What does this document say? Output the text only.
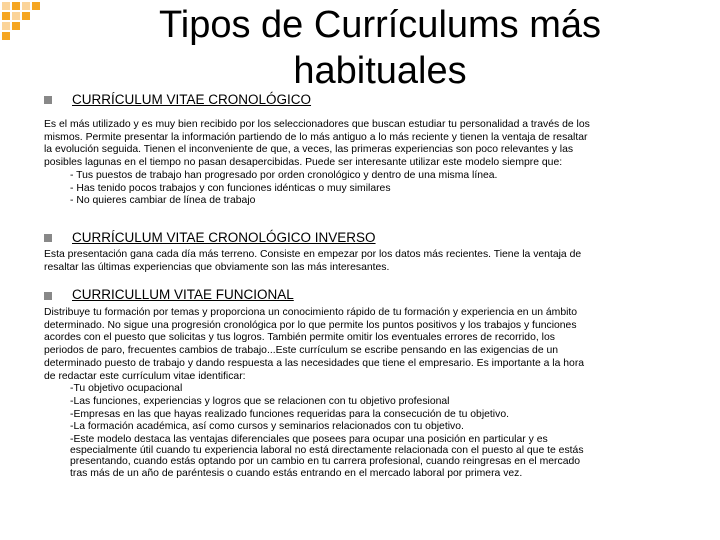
Tipos de Currículums más
habituales
CURRÍCULUM VITAE CRONOLÓGICO
Es el más utilizado y es muy bien recibido por los seleccionadores que buscan estudiar tu personalidad a través de los
mismos. Permite presentar la información partiendo de lo más antiguo a lo más reciente y tienen la ventaja de resaltar
la evolución seguida. Tienen el inconveniente de que, a veces, las primeras experiencias son poco relevantes y las
posibles lagunas en el tiempo no pasan desapercibidas. Puede ser interesante utilizar este modelo siempre que:
- Tus puestos de trabajo han progresado por orden cronológico y dentro de una misma línea.
- Has tenido pocos trabajos y con funciones idénticas o muy similares
- No quieres cambiar de línea de trabajo
CURRÍCULUM VITAE CRONOLÓGICO INVERSO
Esta presentación gana cada día más terreno. Consiste en empezar por los datos más recientes. Tiene la ventaja de
resaltar las últimas experiencias que obviamente son las más interesantes.
CURRICULLUM VITAE FUNCIONAL
Distribuye tu formación por temas y proporciona un conocimiento rápido de tu formación y experiencia en un ámbito
determinado. No sigue una progresión cronológica por lo que permite los puntos positivos y los trabajos y funciones
acordes con el puesto que solicitas y tus logros. También permite omitir los eventuales errores de recorrido, los
periodos de paro, frecuentes cambios de trabajo...Este currículum se escribe pensando en las exigencias de un
determinado puesto de trabajo y dando respuesta a las necesidades que tiene el empresario. Es importante a la hora
de redactar este currículum vitae identificar:
-Tu objetivo ocupacional
-Las funciones, experiencias y logros que se relacionen con tu objetivo profesional
-Empresas en las que hayas realizado funciones requeridas para la consecución de tu objetivo.
-La formación académica, así como cursos y seminarios relacionados con tu objetivo.
-Este modelo destaca las ventajas diferenciales que posees para ocupar una posición en particular y es
especialmente útil cuando tu experiencia laboral no está directamente relacionada con el puesto al que te estás
presentando, cuando estás optando por un cambio en tu carrera profesional, cuando reingresas en el mercado
tras más de un año de paréntesis o cuando estás entrando en el mercado laboral por primera vez.
